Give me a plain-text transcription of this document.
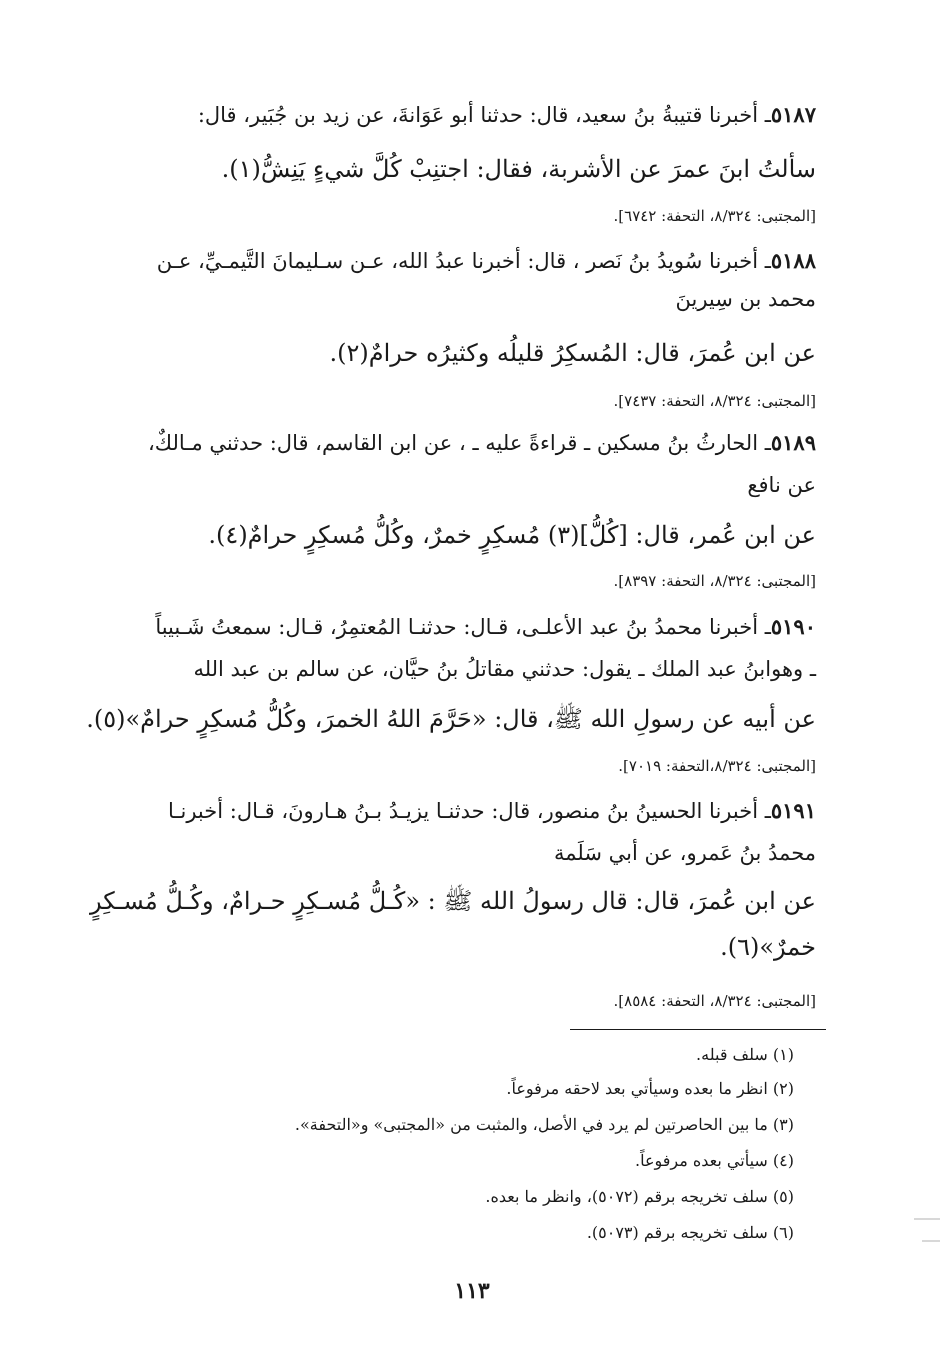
٥١٨٧ـ أخبرنا قتيبةُ بنُ سعيد، قال: حدثنا أبو عَوَانةَ، عن زيد بن جُبَير، قال:
سألتُ ابنَ عمرَ عن الأشربة، فقال: اجتنِبْ كُلَّ شيءٍ يَنِشُّ(١).
[المجتبى: ٨/٣٢٤، التحفة: ٦٧٤٢].
٥١٨٨ـ أخبرنا سُويدُ بنُ نَصر ، قال: أخبرنا عبدُ الله، عـن سـليمانَ التَّيمـيِّ، عـن
محمد بن سِيرينَ
عن ابن عُمرَ، قال: المُسكِرُ قليلُه وكثيرُه حرامٌ(٢).
[المجتبى: ٨/٣٢٤، التحفة: ٧٤٣٧].
٥١٨٩ـ الحارثُ بنُ مسكين ـ قراءةً عليه ـ ، عن ابن القاسم، قال: حدثني مـالكٌ،
عن نافع
عن ابن عُمر، قال: [كُلُّ](٣) مُسكِرٍ خمرٌ، وكُلُّ مُسكِرٍ حرامٌ(٤).
[المجتبى: ٨/٣٢٤، التحفة: ٨٣٩٧].
٥١٩٠ـ أخبرنا محمدُ بنُ عبد الأعلـى، قـال: حدثنـا المُعتمِرُ، قـال: سمعتُ شَـبيباً
ـ وهوابنُ عبد الملك ـ يقول: حدثني مقاتلُ بنُ حيَّان، عن سالم بن عبد الله
عن أبيه عن رسولِ الله ﷺ، قال: «حَرَّمَ اللهُ الخمرَ، وكُلُّ مُسكِرٍ حرامٌ»(٥).
[المجتبى: ٨/٣٢٤،التحفة: ٧٠١٩].
٥١٩١ـ أخبرنا الحسينُ بنُ منصور، قال: حدثنـا يزيـدُ بـنُ هـارونَ، قـال: أخبرنـا
محمدُ بنُ عَمرو، عن أبي سَلَمة
عن ابن عُمرَ، قال: قال رسولُ الله ﷺ : «كُـلُّ مُسـكِرٍ حـرامٌ، وكُـلُّ مُسـكِرٍ
خمرٌ»(٦).
[المجتبى: ٨/٣٢٤، التحفة: ٨٥٨٤].
(١) سلف قبله.
(٢) انظر ما بعده وسيأتي بعد لاحقه مرفوعاً.
(٣) ما بين الحاصرتين لم يرد في الأصل، والمثبت من «المجتبى» و«التحفة».
(٤) سيأتي بعده مرفوعاً.
(٥) سلف تخريجه برقم (٥٠٧٢)، وانظر ما بعده.
(٦) سلف تخريجه برقم (٥٠٧٣).
١١٣
